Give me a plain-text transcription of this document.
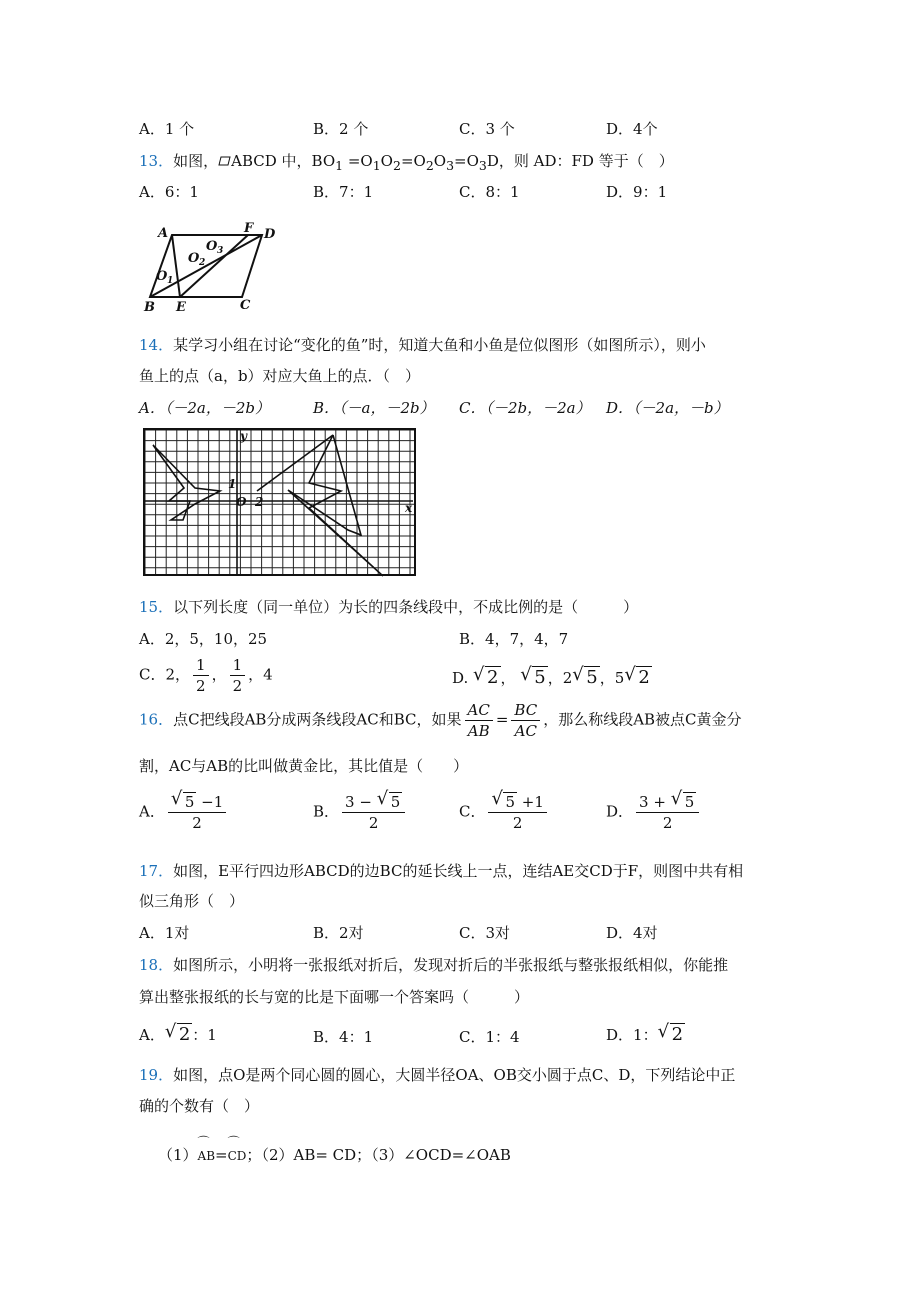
A．1 个	B．2 个	C．3 个	D．4个
13．如图， ABCD 中，$BO_1 =O_1O_2=O_2O_3=O_3D$，则 AD：FD 等于（　）
A．6：1	B．7：1	C．8：1	D．9：1
A	F D
O 3
O 2
O 1
B E	C
14．某学习小组在讨论“变化的鱼”时，知道大鱼和小鱼是位似图形（如图所示），则小
鱼上的点（a，b）对应大鱼上的点．（　）
A．（－2a，－2b）	B．（－a，－2b） C．（－2b，－2a） D．（－2a，－b）
y
x
O
1
2
15．以下列长度（同一单位）为长的四条线段中，不成比例的是（　　　）
A．2，5，10，25	B．4，7，4，7
C．2， $\frac{1}{2}$ ， $\frac{1}{2}$ ，4	D. √ 2 ， √ 5 ，2 √ 5 ，5 √ 2
16．点C把线段AB分成两条线段AC和BC，如果 $\frac{AC}{AB} = \frac{BC}{AC}$ ，那么称线段AB被点C黄金分
割，AC与AB的比叫做黄金比，其比值是（　　）
A． $\frac{√ 5 -1}{2}$	B． $\frac{3 - √ 5}{2}$	C． $\frac{√ 5 +1}{2}$	D． $\frac{3 + √ 5}{2}$
17．如图，E平行四边形ABCD的边BC的延长线上一点，连结AE交CD于F，则图中共有相
似三角形（　）
A．1对	B．2对	C．3对	D．4对
18．如图所示，小明将一张报纸对折后，发现对折后的半张报纸与整张报纸相似，你能推
算出整张报纸的长与宽的比是下面哪一个答案吗（　　　）
A． √ 2 ：1	B．4：1	C．1：4	D．1： √ 2
19．如图，点O是两个同心圆的圆心，大圆半径OA、OB交小圆于点C、D，下列结论中正
确的个数有（　）
（1）
⌒
AB=
⌒
CD；（2）AB= CD；（3）∠OCD=∠OAB
